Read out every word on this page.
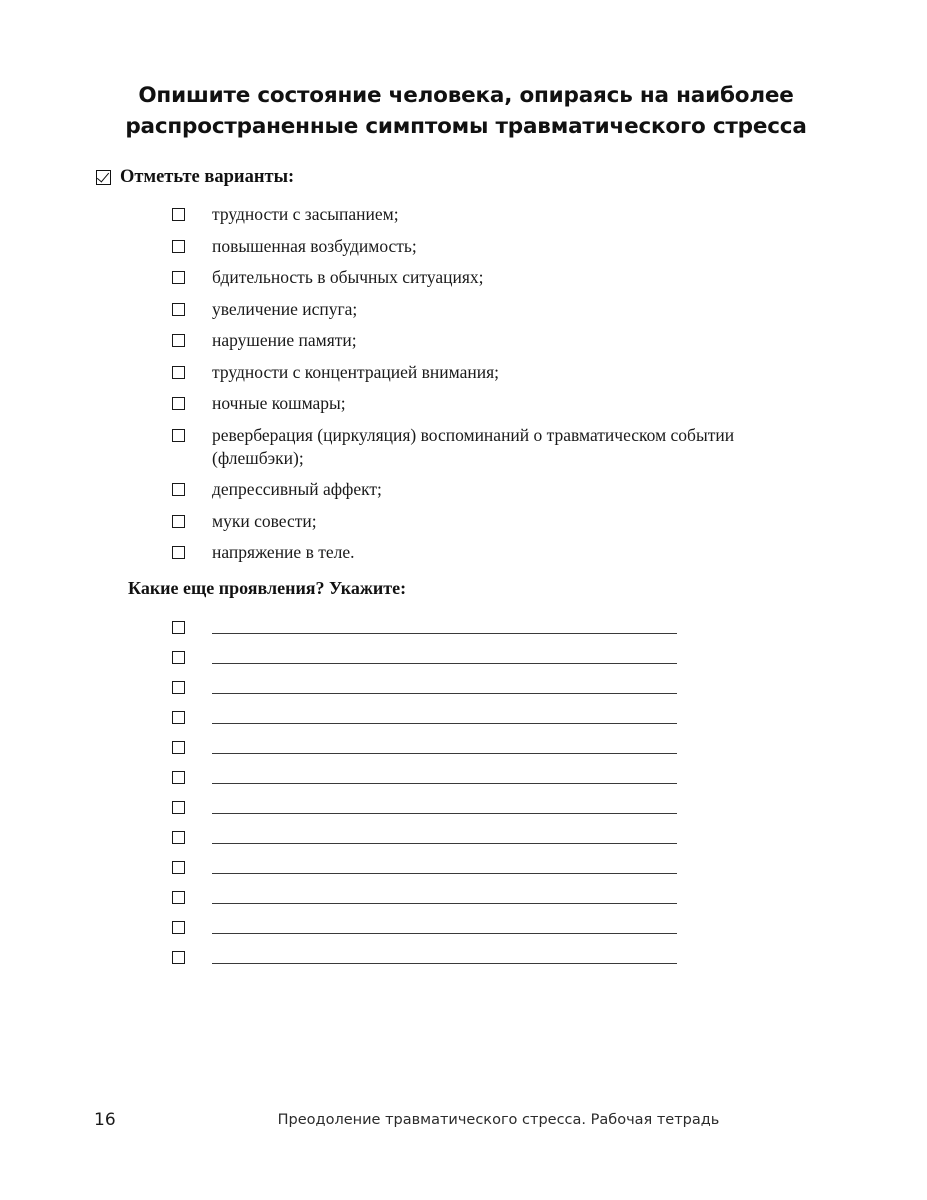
Опишите состояние человека, опираясь на наиболее
распространенные симптомы травматического стресса
Отметьте варианты:
трудности с засыпанием;
повышенная возбудимость;
бдительность в обычных ситуациях;
увеличение испуга;
нарушение памяти;
трудности с концентрацией внимания;
ночные кошмары;
реверберация (циркуляция) воспоминаний о травматическом событии (флешбэки);
депрессивный аффект;
муки совести;
напряжение в теле.
Какие еще проявления? Укажите:
16	Преодоление травматического стресса. Рабочая тетрадь
